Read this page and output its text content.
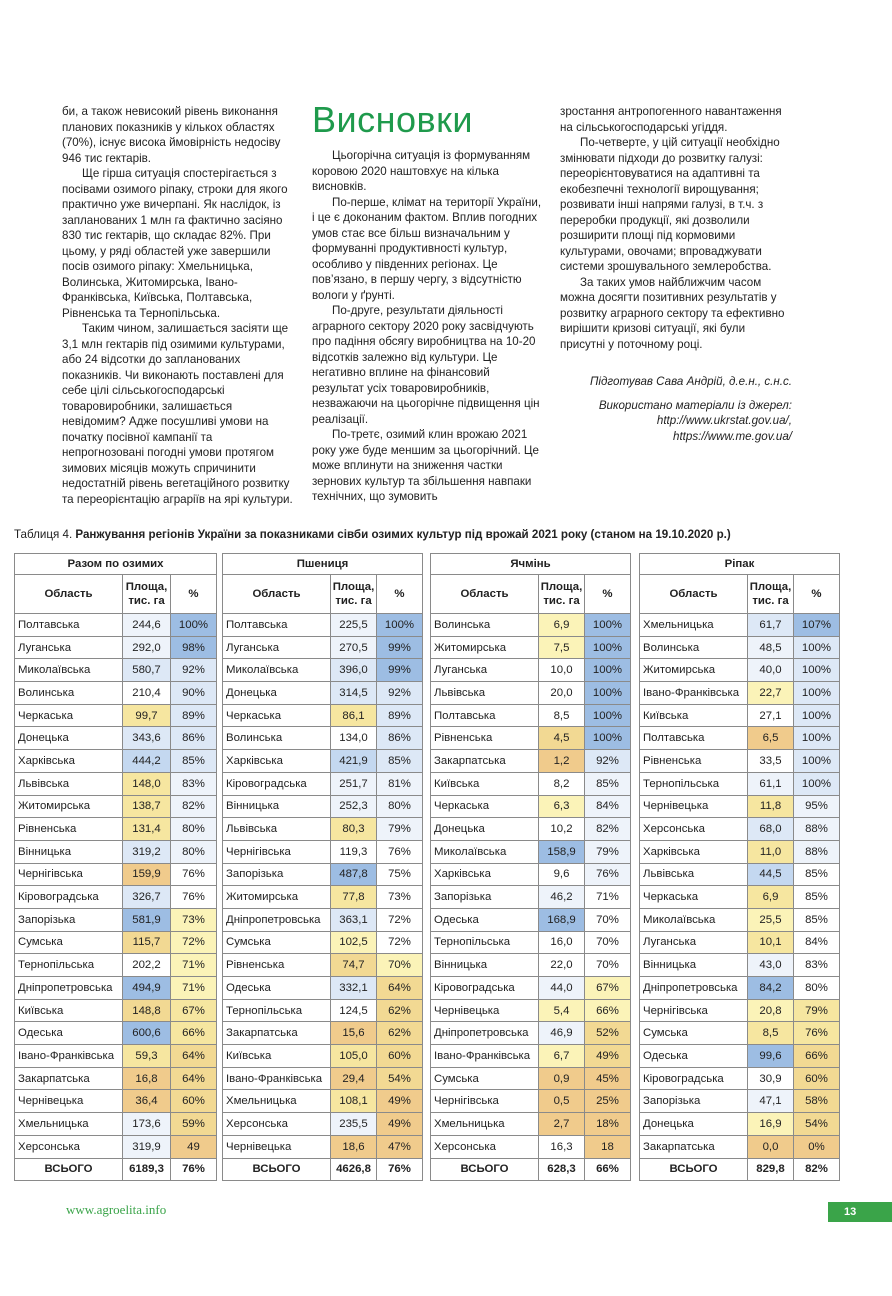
би, а також невисокий рівень виконання планових показників у кількох областях (70%), існує висока ймовірність недосіву 946 тис гектарів.

Ще гірша ситуація спостерігається з посівами озимого ріпаку, строки для якого практично уже вичерпані. Як наслідок, із запланованих 1 млн га фактично засіяно 830 тис гектарів, що складає 82%. При цьому, у ряді областей уже завершили посів озимого ріпаку: Хмельницька, Волинська, Житомирська, Івано-Франківська, Київська, Полтавська, Рівненська та Тернопільська.

Таким чином, залишається засіяти ще 3,1 млн гектарів під озимими культурами, або 24 відсотки до запланованих показників. Чи виконають поставлені для себе цілі сільськогосподарські товаровиробники, залишається невідомим? Адже посушливі умови на початку посівної кампанії та непрогнозовані погодні умови протягом зимових місяців можуть спричинити недостатній рівень вегетаційного розвитку та переорієнтацію аграріїв на ярі культури.

Висновки

Цьогорічна ситуація із формуванням коровою 2020 наштовхує на кілька висновків.

По-перше, клімат на території України, і це є доконаним фактом. Вплив погодних умов стає все більш визначальним у формуванні продуктивності культур, особливо у південних регіонах. Це пов’язано, в першу чергу, з відсутністю вологи у ґрунті.

По-друге, результати діяльності аграрного сектору 2020 року засвідчують про падіння обсягу виробництва на 10-20 відсотків залежно від культури. Це негативно вплине на фінансовий результат усіх товаровиробників, незважаючи на цьогорічне підвищення цін реалізації.

По-третє, озимий клин врожаю 2021 року уже буде меншим за цьогорічний. Це може вплинути на зниження частки зернових культур та збільшення навпаки технічних, що зумовить

зростання антропогенного навантаження на сільськогосподарські угіддя.

По-четверте, у цій ситуації необхідно змінювати підходи до розвитку галузі: переорієнтовуватися на адаптивні та екобезпечні технології вирощування; розвивати інші напрями галузі, в т.ч. з переробки продукції, які дозволили розширити площі під кормовими культурами, овочами; впроваджувати системи зрошувального землеробства.

За таких умов найближчим часом можна досягти позитивних результатів у розвитку аграрного сектору та ефективно вирішити кризові ситуації, які були присутні у поточному році.

Підготував Сава Андрій, д.е.н., с.н.с.

Використано матеріали із джерел:

http://www.ukrstat.gov.ua/,

https://www.me.gov.ua/

Таблиця 4. Ранжування регіонів України за показниками сівби озимих культур під врожай 2021 року (станом на 19.10.2020 р.)
Разом по озимих		
Область	Площа, тис. га	%
Полтавська	244,6	100%
Луганська	292,0	98%
Миколаївська	580,7	92%
Волинська	210,4	90%
Черкаська	99,7	89%
Донецька	343,6	86%
Харківська	444,2	85%
Львівська	148,0	83%
Житомирська	138,7	82%
Рівненська	131,4	80%
Вінницька	319,2	80%
Чернігівська	159,9	76%
Кіровоградська	326,7	76%
Запорізька	581,9	73%
Сумська	115,7	72%
Тернопільська	202,2	71%
Дніпропетровська	494,9	71%
Київська	148,8	67%
Одеська	600,6	66%
Івано-Франківська	59,3	64%
Закарпатська	16,8	64%
Чернівецька	36,4	60%
Хмельницька	173,6	59%
Херсонська	319,9	49
ВСЬОГО	6189,3	76%
Пшениця		
Область	Площа, тис. га	%
Полтавська	225,5	100%
Луганська	270,5	99%
Миколаївська	396,0	99%
Донецька	314,5	92%
Черкаська	86,1	89%
Волинська	134,0	86%
Харківська	421,9	85%
Кіровоградська	251,7	81%
Вінницька	252,3	80%
Львівська	80,3	79%
Чернігівська	119,3	76%
Запорізька	487,8	75%
Житомирська	77,8	73%
Дніпропетровська	363,1	72%
Сумська	102,5	72%
Рівненська	74,7	70%
Одеська	332,1	64%
Тернопільська	124,5	62%
Закарпатська	15,6	62%
Київська	105,0	60%
Івано-Франківська	29,4	54%
Хмельницька	108,1	49%
Херсонська	235,5	49%
Чернівецька	18,6	47%
ВСЬОГО	4626,8	76%
Ячмінь		
Область	Площа, тис. га	%
Волинська	6,9	100%
Житомирська	7,5	100%
Луганська	10,0	100%
Львівська	20,0	100%
Полтавська	8,5	100%
Рівненська	4,5	100%
Закарпатська	1,2	92%
Київська	8,2	85%
Черкаська	6,3	84%
Донецька	10,2	82%
Миколаївська	158,9	79%
Харківська	9,6	76%
Запорізька	46,2	71%
Одеська	168,9	70%
Тернопільська	16,0	70%
Вінницька	22,0	70%
Кіровоградська	44,0	67%
Чернівецька	5,4	66%
Дніпропетровська	46,9	52%
Івано-Франківська	6,7	49%
Сумська	0,9	45%
Чернігівська	0,5	25%
Хмельницька	2,7	18%
Херсонська	16,3	18
ВСЬОГО	628,3	66%
Ріпак		
Область	Площа, тис. га	%
Хмельницька	61,7	107%
Волинська	48,5	100%
Житомирська	40,0	100%
Івано-Франківська	22,7	100%
Київська	27,1	100%
Полтавська	6,5	100%
Рівненська	33,5	100%
Тернопільська	61,1	100%
Чернівецька	11,8	95%
Херсонська	68,0	88%
Харківська	11,0	88%
Львівська	44,5	85%
Черкаська	6,9	85%
Миколаївська	25,5	85%
Луганська	10,1	84%
Вінницька	43,0	83%
Дніпропетровська	84,2	80%
Чернігівська	20,8	79%
Сумська	8,5	76%
Одеська	99,6	66%
Кіровоградська	30,9	60%
Запорізька	47,1	58%
Донецька	16,9	54%
Закарпатська	0,0	0%
ВСЬОГО	829,8	82%
www.agroelita.info	13
